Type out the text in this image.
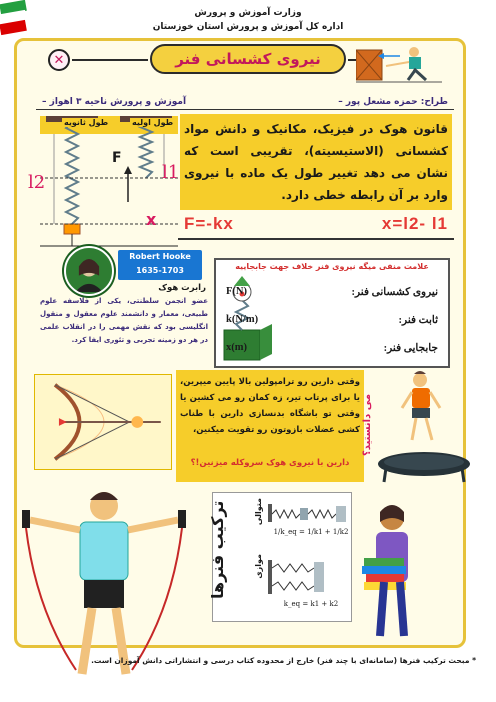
وزارت آموزش و پرورش
اداره کل آموزش و پرورش استان خوزستان
✕	نیروی کشسانی فنر
– آموزش و پرورش ناحیه ۳ اهواز	طراح: حمزه مشعل پور –
طول اولیه
طول ثانویه
l2	l1
F
x
قانون هوک در فیزیک، مکانیک و دانش مواد کشسانی (الاستیسیته)، تقریبی است که نشان می دهد تغییر طول یک ماده با نیروی وارد بر آن رابطه خطی دارد.
F=-kx	x=l2- l1
Robert Hooke
1635-1703
رابرت هوک
عضو انجمن سلطنتی، یکی از فلاسفه علوم طبیعی، معمار و دانشمند علوم معقول و منقول انگلیسی بود که نقش مهمی را در انقلاب علمی در هر دو زمینه تجربی و تئوری ایفا کرد.
علامت منفی میگه نیروی فنر خلاف جهت جابجاییه
نیروی کشسانی فنر:
F(N)
ثابت فنر:
k(N/m)
جابجایی فنر:
x(m)
وقتی دارین رو ترامپولین بالا پایین میپرین، یا برای پرتاب تیر، زه کمان رو می کشین یا وقتی تو باشگاه بدنسازی دارین با طناب کشی عضلات بازوتون رو تقویت میکنین،
دارین با نیروی هوک سروکله میزنین!؟
می دانستید؟
ترکیب فنرها	متوالی
موازی
1/k_eq = 1/k1 + 1/k2
k_eq = k1 + k2
* مبحث ترکیب فنرها (سامانه‌ای با چند فنر) خارج از محدوده کتاب درسی و انتشاراتی دانش آموزان است.
